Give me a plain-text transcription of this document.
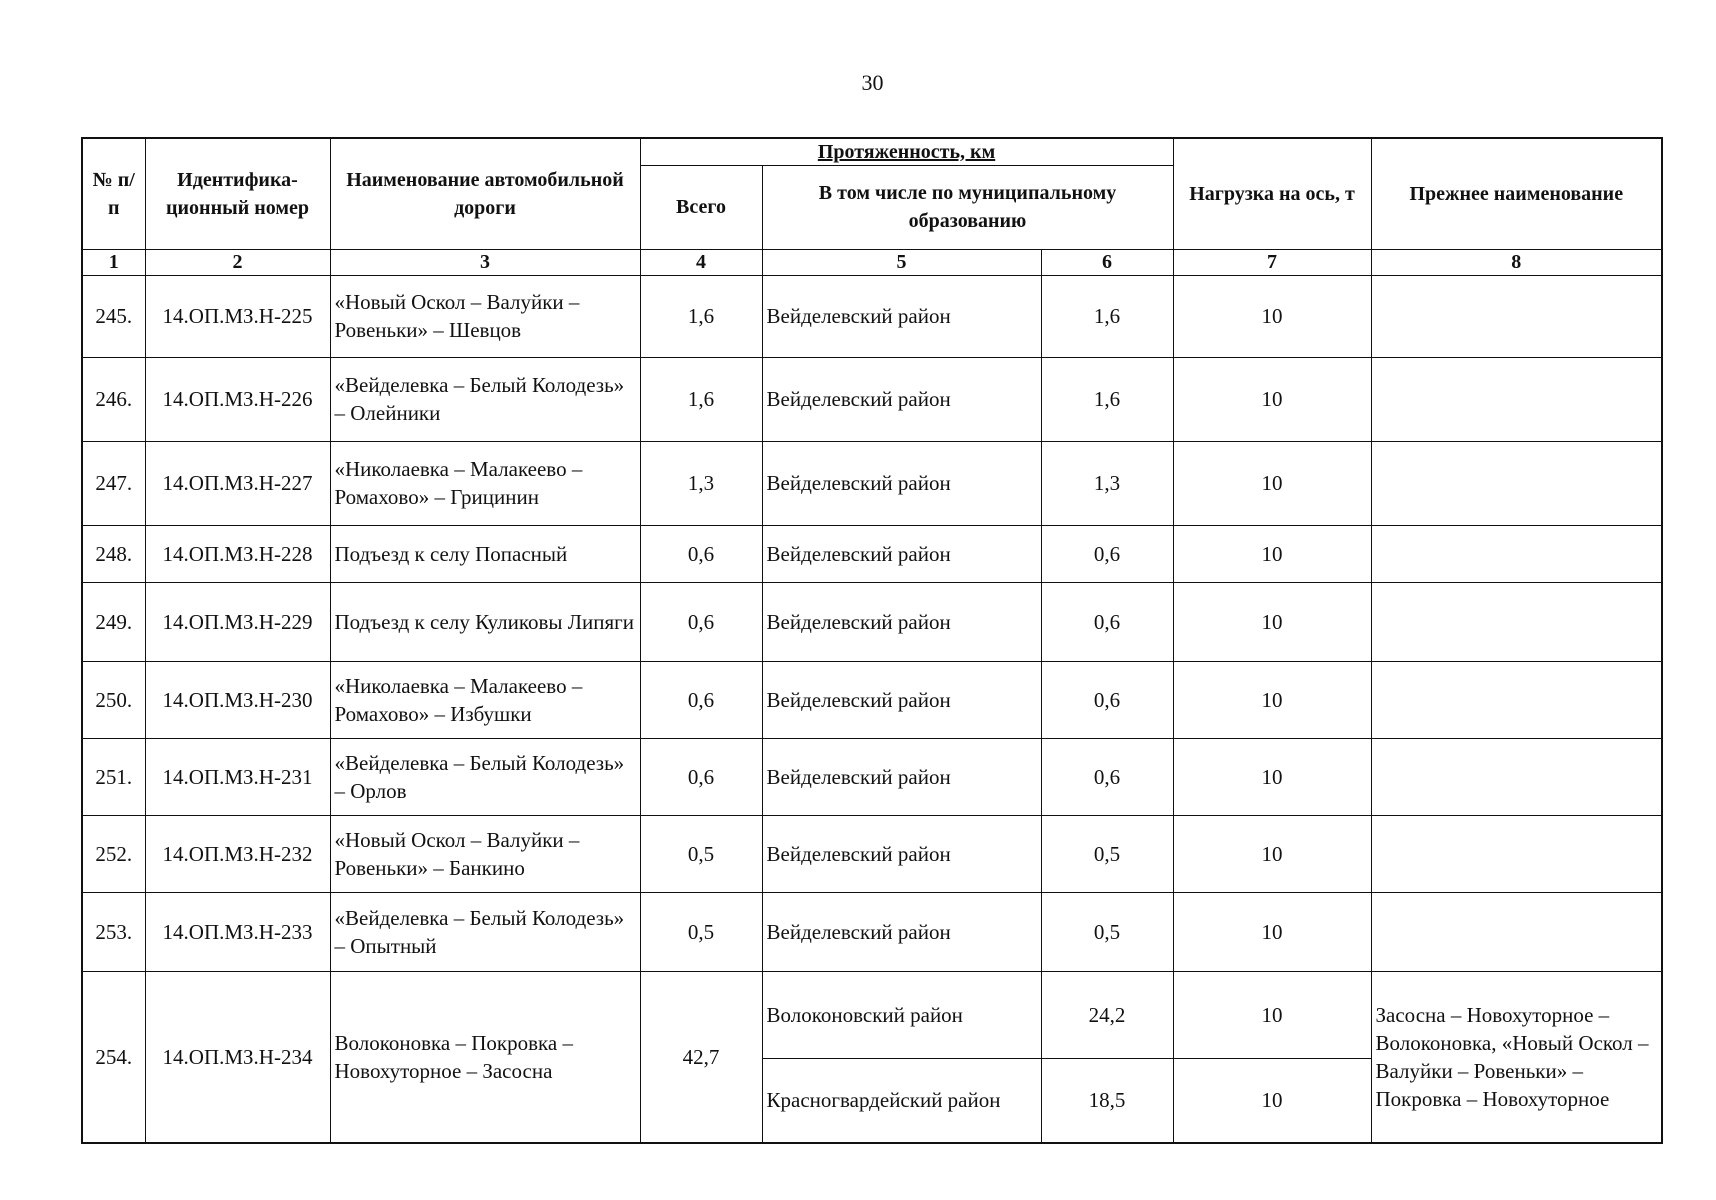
30
№ п/п	Идентифика-ционный номер	Наименование автомобильной дороги	Протяженность, км			Нагрузка на ось, т	Прежнее наименование
			Всего	В том числе по муниципальному образованию			
1	2	3	4	5	6	7	8
245.	14.ОП.МЗ.Н-225	«Новый Оскол – Валуйки – Ровеньки» – Шевцов	1,6	Вейделевский район	1,6	10	
246.	14.ОП.МЗ.Н-226	«Вейделевка – Белый Колодезь» – Олейники	1,6	Вейделевский район	1,6	10	
247.	14.ОП.МЗ.Н-227	«Николаевка – Малакеево – Ромахово» – Грицинин	1,3	Вейделевский район	1,3	10	
248.	14.ОП.МЗ.Н-228	Подъезд к селу Попасный	0,6	Вейделевский район	0,6	10	
249.	14.ОП.МЗ.Н-229	Подъезд к селу Куликовы Липяги	0,6	Вейделевский район	0,6	10	
250.	14.ОП.МЗ.Н-230	«Николаевка – Малакеево – Ромахово» – Избушки	0,6	Вейделевский район	0,6	10	
251.	14.ОП.МЗ.Н-231	«Вейделевка – Белый Колодезь» – Орлов	0,6	Вейделевский район	0,6	10	
252.	14.ОП.МЗ.Н-232	«Новый Оскол – Валуйки – Ровеньки» – Банкино	0,5	Вейделевский район	0,5	10	
253.	14.ОП.МЗ.Н-233	«Вейделевка – Белый Колодезь» – Опытный	0,5	Вейделевский район	0,5	10	
254.	14.ОП.МЗ.Н-234	Волоконовка – Покровка – Новохуторное – Засосна	42,7	Волоконовский район	24,2	10	Засосна – Новохуторное – Волоконовка, «Новый Оскол – Валуйки – Ровеньки» – Покровка – Новохуторное
				Красногвардейский район	18,5	10	
